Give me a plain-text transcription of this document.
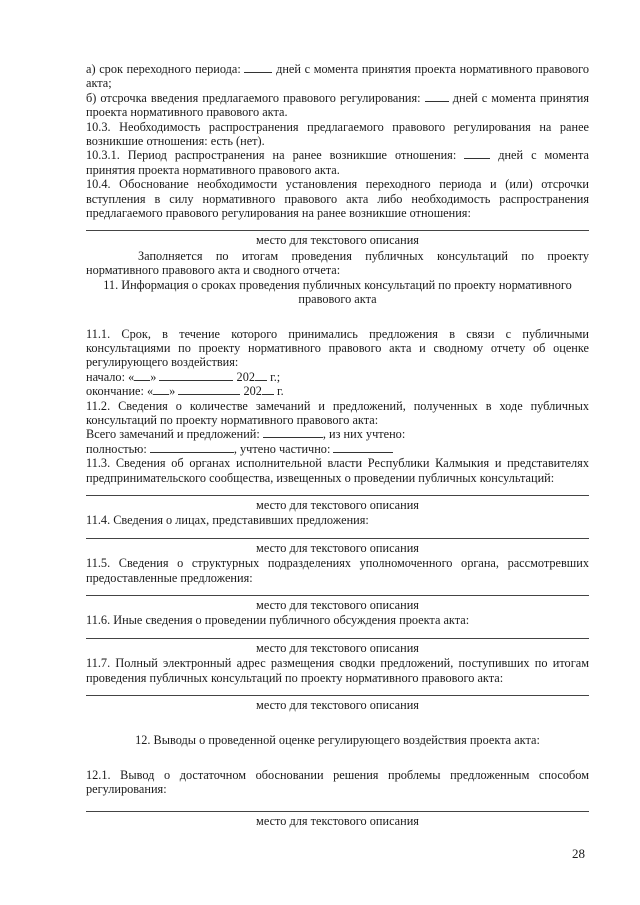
а) срок переходного периода:	дней с момента принятия проекта нормативного правового акта;

б) отсрочка введения предлагаемого правового регулирования:	дней с момента принятия проекта нормативного правового акта.

10.3. Необходимость распространения предлагаемого правового регулирования на ранее возникшие отношения: есть (нет).

10.3.1. Период распространения на ранее возникшие отношения:	дней с момента принятия проекта нормативного правового акта.

10.4. Обоснование необходимости установления переходного периода и (или) отсрочки вступления в силу нормативного правового акта либо необходимость распространения предлагаемого правового регулирования на ранее возникшие отношения:

место для текстового описания

Заполняется по итогам проведения публичных консультаций по проекту нормативного правового акта и сводного отчета:

11. Информация о сроках проведения публичных консультаций по проекту нормативного правового акта

11.1. Срок, в течение которого принимались предложения в связи с публичными консультациями по проекту нормативного правового акта и сводному отчету об оценке регулирующего воздействия:

начало: « »	202 г.;

окончание: « »	202 г.

11.2. Сведения о количестве замечаний и предложений, полученных в ходе публичных консультаций по проекту нормативного правового акта:

Всего замечаний и предложений:	, из них учтено:

полностью:	, учтено частично:

11.3. Сведения об органах исполнительной власти Республики Калмыкия и представителях предпринимательского сообщества, извещенных о проведении публичных консультаций:

место для текстового описания

11.4. Сведения о лицах, представивших предложения:

место для текстового описания

11.5. Сведения о структурных подразделениях уполномоченного органа, рассмотревших предоставленные предложения:

место для текстового описания

11.6. Иные сведения о проведении публичного обсуждения проекта акта:

место для текстового описания

11.7. Полный электронный адрес размещения сводки предложений, поступивших по итогам проведения публичных консультаций по проекту нормативного правового акта:

место для текстового описания

12. Выводы о проведенной оценке регулирующего воздействия проекта акта:

12.1. Вывод о достаточном обосновании решения проблемы предложенным способом регулирования:

место для текстового описания

28
